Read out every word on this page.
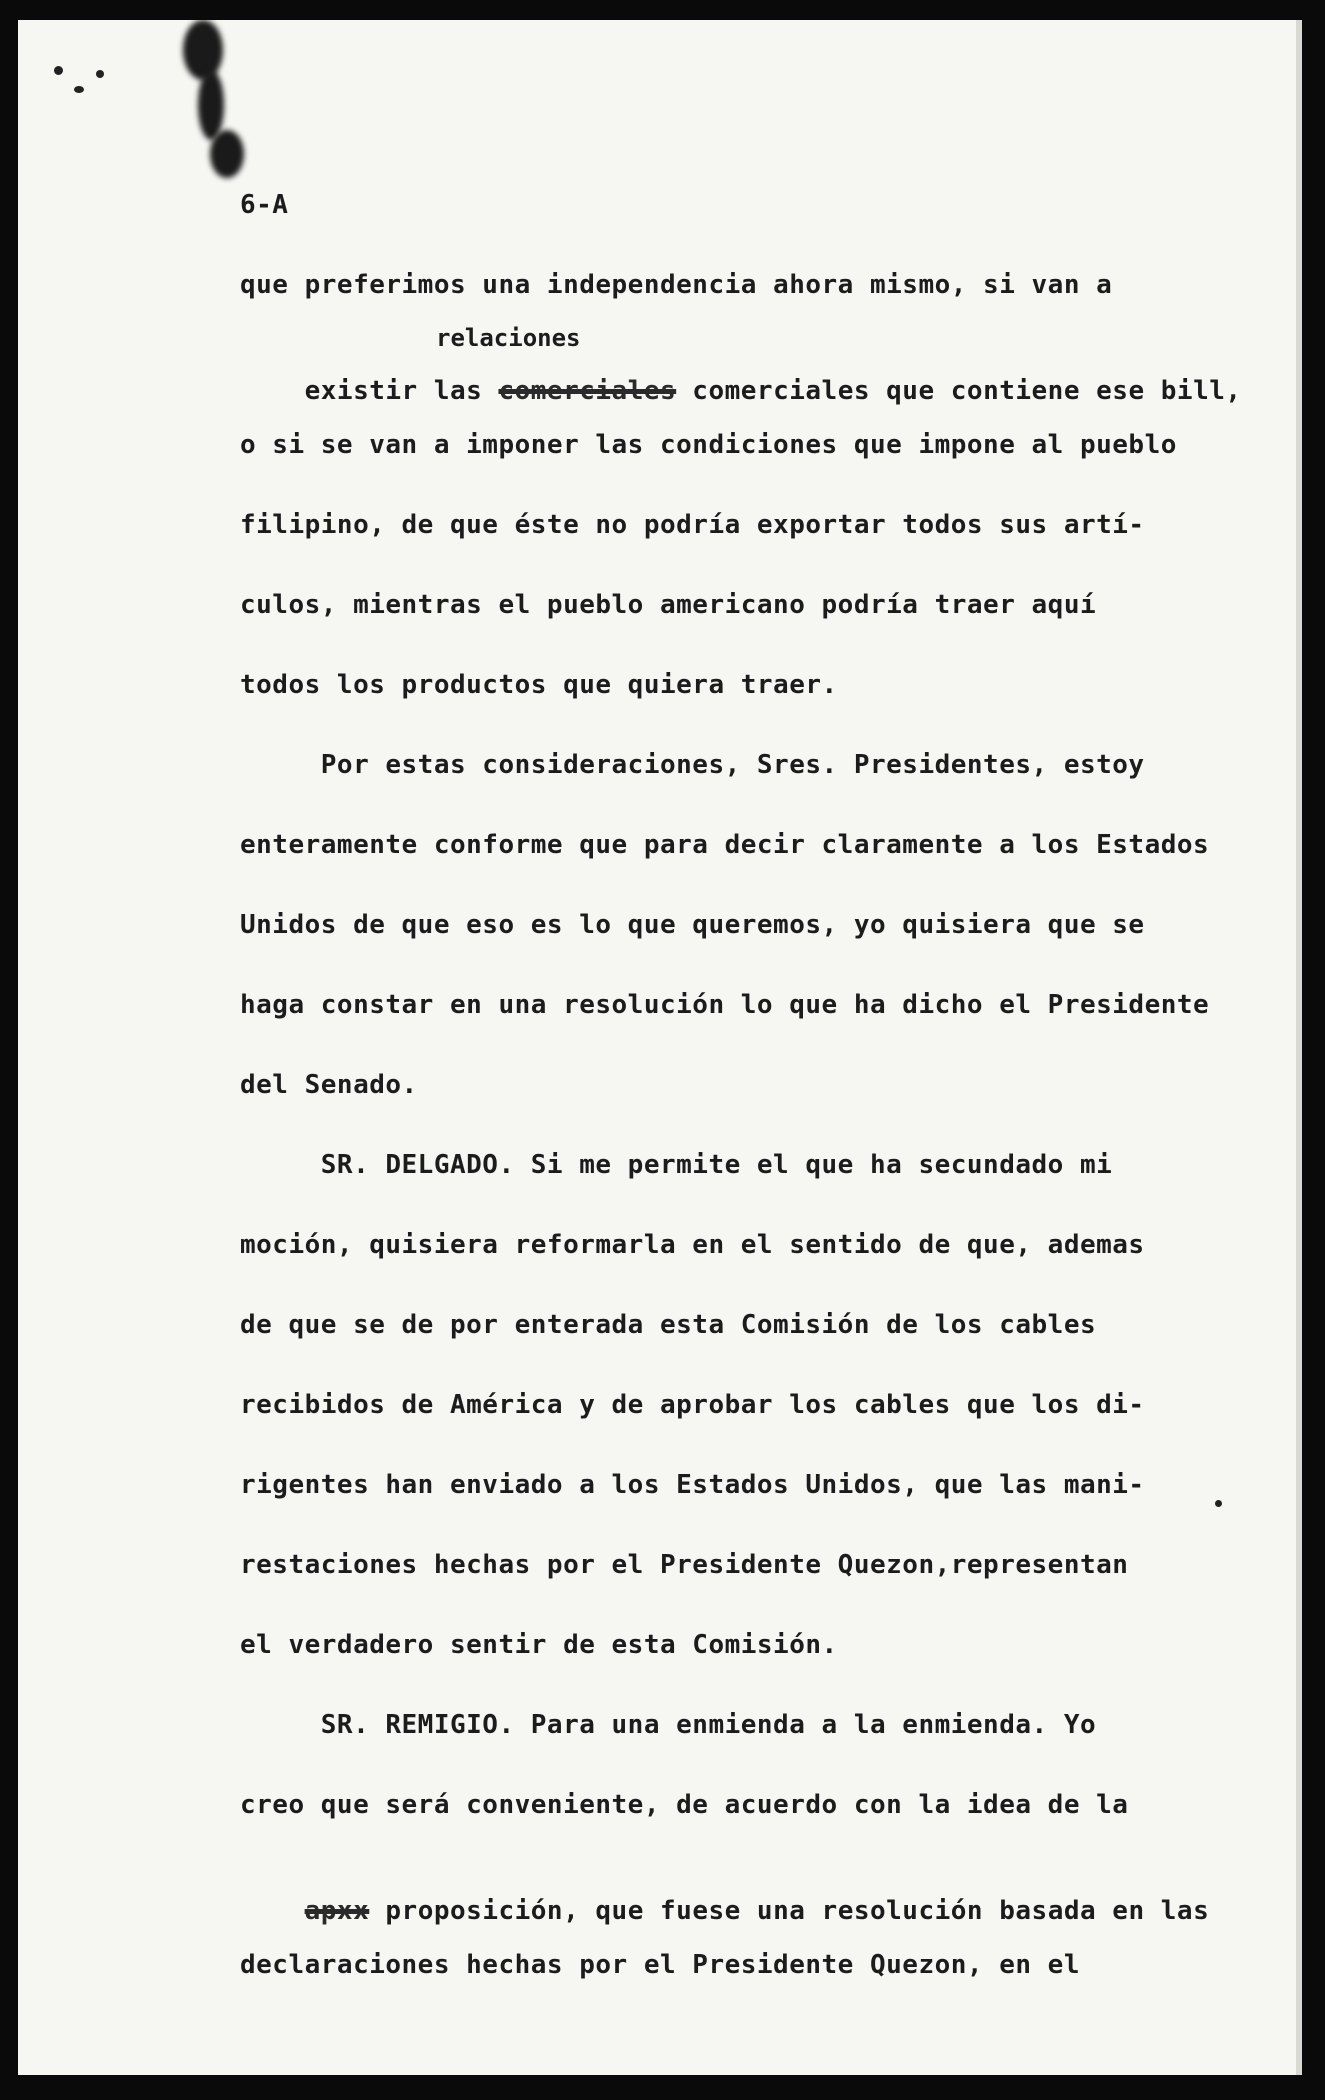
6-A
que preferimos una independencia ahora mismo, si van a
relaciones

existir las comerciales comerciales que contiene ese bill,

o si se van a imponer las condiciones que impone al pueblo
filipino, de que éste no podría exportar todos sus artí-
culos, mientras el pueblo americano podría traer aquí
todos los productos que quiera traer.
Por estas consideraciones, Sres. Presidentes, estoy
enteramente conforme que para decir claramente a los Estados
Unidos de que eso es lo que queremos, yo quisiera que se
haga constar en una resolución lo que ha dicho el Presidente
del Senado.
SR. DELGADO. Si me permite el que ha secundado mi
moción, quisiera reformarla en el sentido de que, ademas
de que se de por enterada esta Comisión de los cables
recibidos de América y de aprobar los cables que los di-
rigentes han enviado a los Estados Unidos, que las mani-
restaciones hechas por el Presidente Quezon,representan
el verdadero sentir de esta Comisión.
SR. REMIGIO. Para una enmienda a la enmienda. Yo
creo que será conveniente, de acuerdo con la idea de la

apxx proposición, que fuese una resolución basada en las

declaraciones hechas por el Presidente Quezon, en el
